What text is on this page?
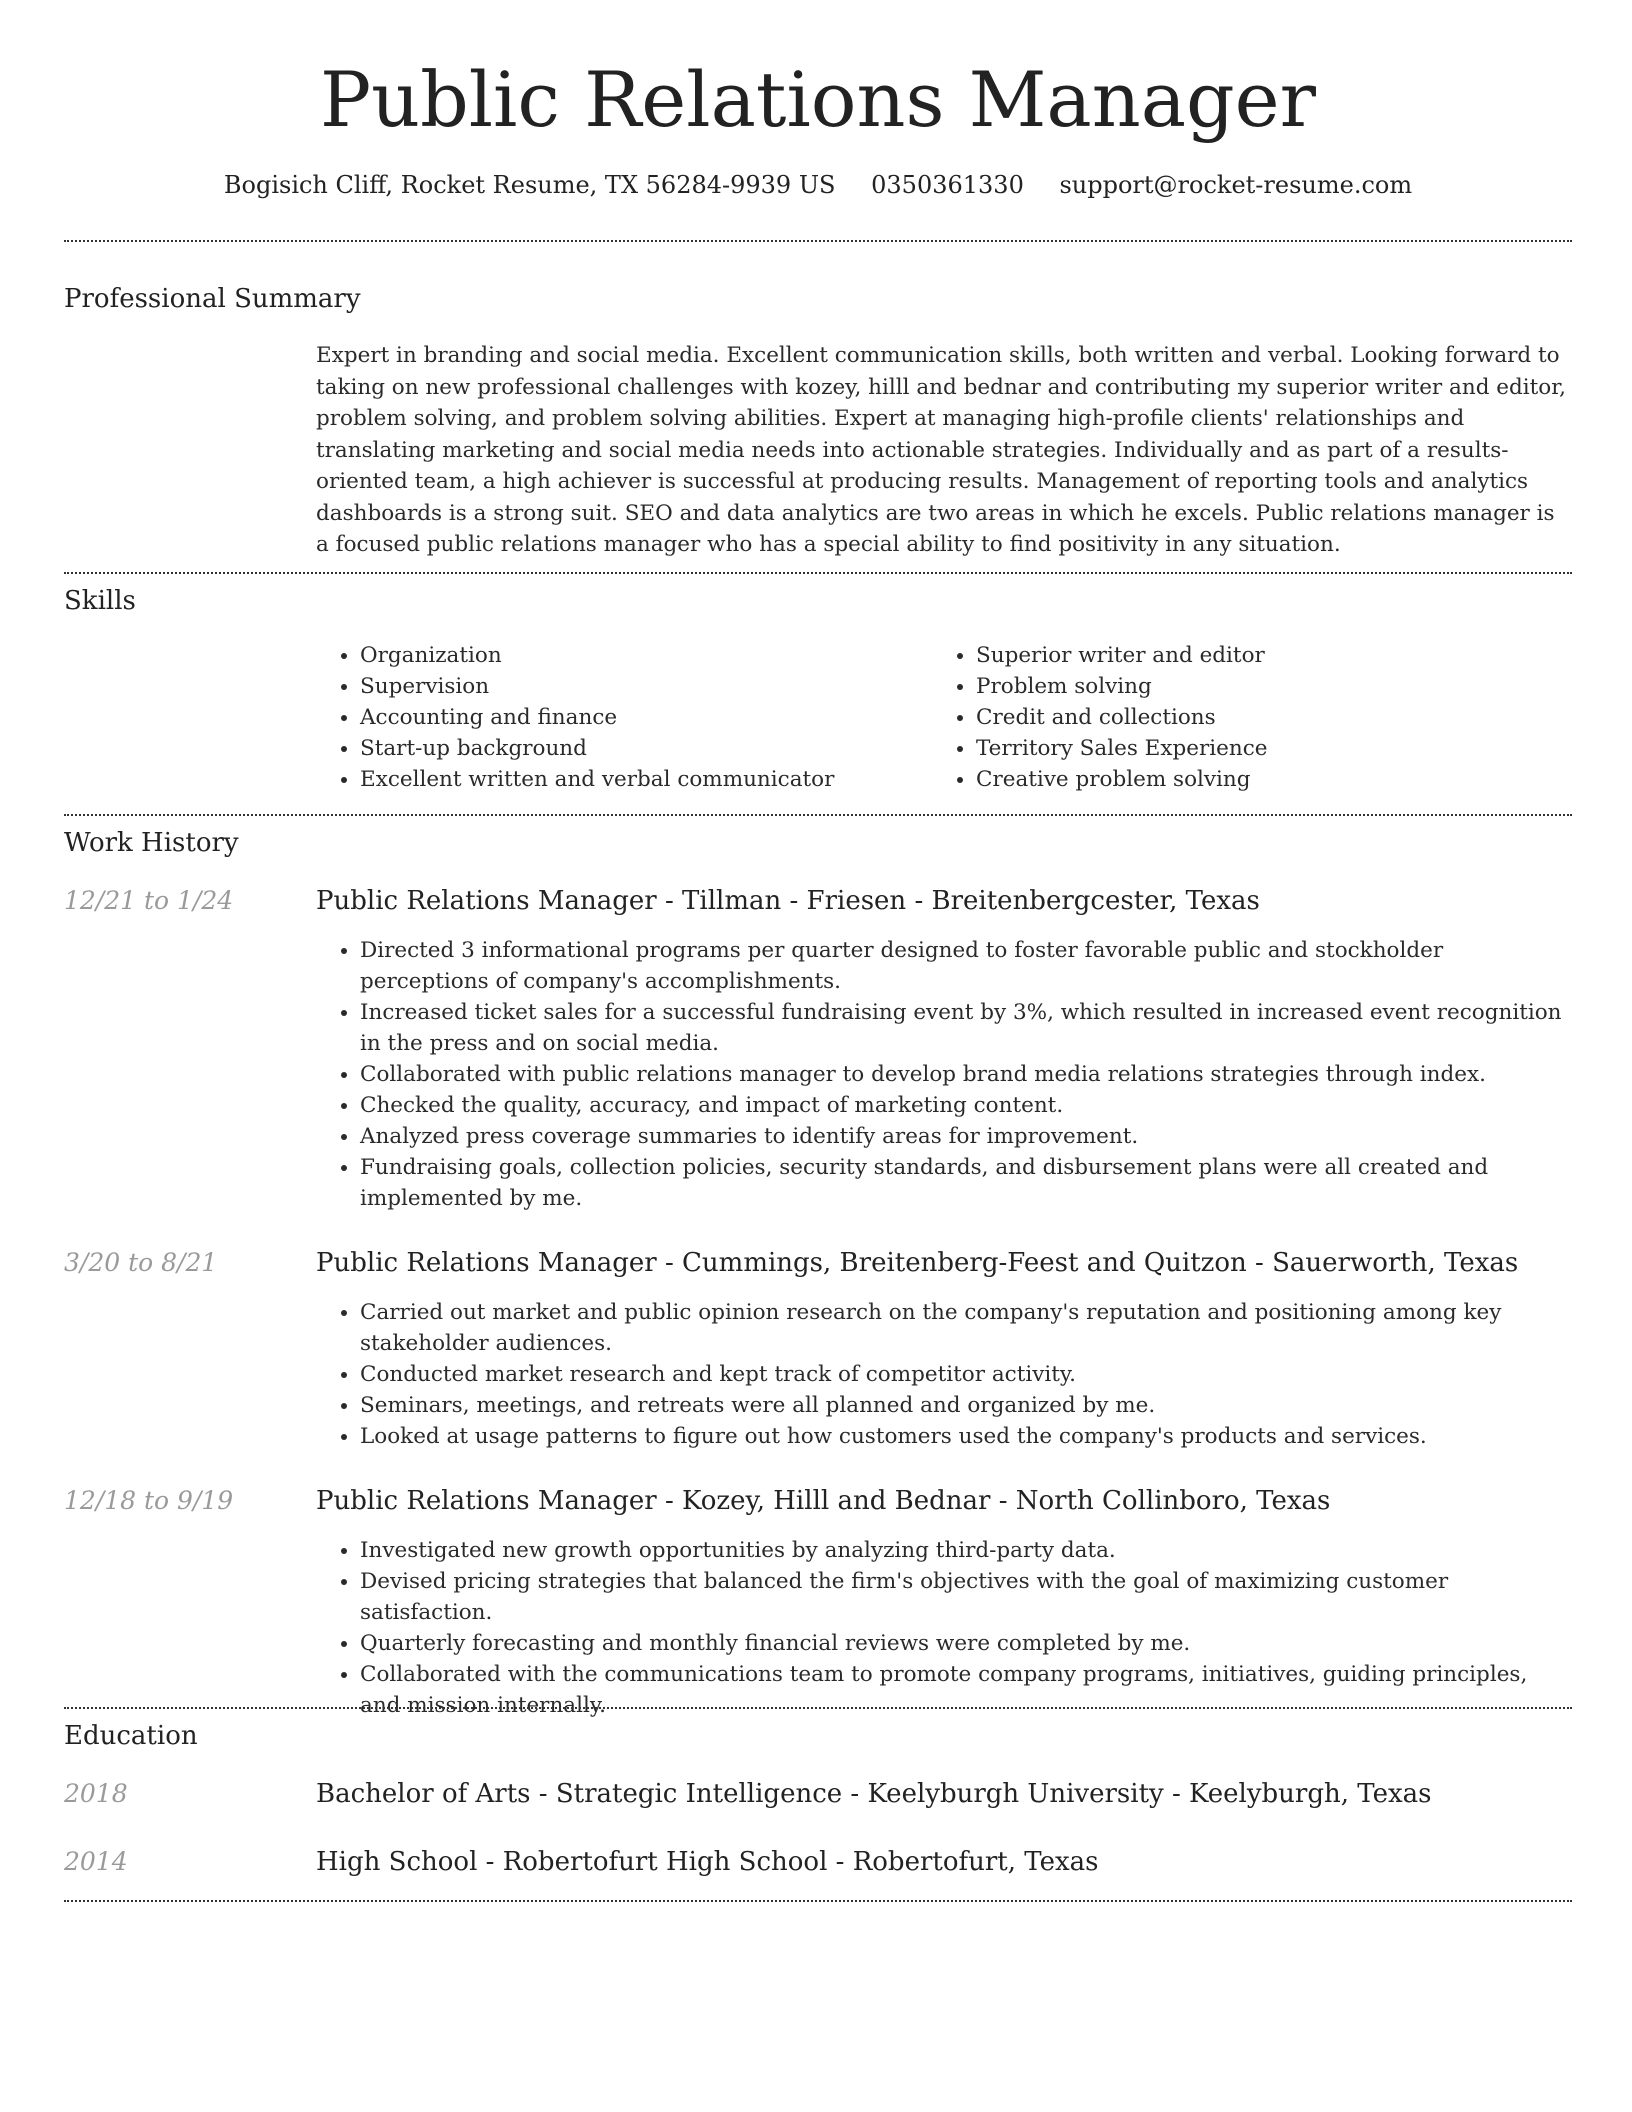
Public Relations Manager
Bogisich Cliff, Rocket Resume, TX 56284-9939 US 0350361330 support@rocket-resume.com
Professional Summary
Expert in branding and social media. Excellent communication skills, both written and verbal. Looking forward to taking on new professional challenges with kozey, hilll and bednar and contributing my superior writer and editor, problem solving, and problem solving abilities. Expert at managing high-profile clients' relationships and translating marketing and social media needs into actionable strategies. Individually and as part of a results-oriented team, a high achiever is successful at producing results. Management of reporting tools and analytics dashboards is a strong suit. SEO and data analytics are two areas in which he excels. Public relations manager is a focused public relations manager who has a special ability to find positivity in any situation.
Skills
• Organization
• Supervision
• Accounting and finance
• Start-up background
• Excellent written and verbal communicator
• Superior writer and editor
• Problem solving
• Credit and collections
• Territory Sales Experience
• Creative problem solving
Work History
12/21 to 1/24	Public Relations Manager - Tillman - Friesen - Breitenbergcester, Texas
• Directed 3 informational programs per quarter designed to foster favorable public and stockholder perceptions of company's accomplishments.
• Increased ticket sales for a successful fundraising event by 3%, which resulted in increased event recognition in the press and on social media.
• Collaborated with public relations manager to develop brand media relations strategies through index.
• Checked the quality, accuracy, and impact of marketing content.
• Analyzed press coverage summaries to identify areas for improvement.
• Fundraising goals, collection policies, security standards, and disbursement plans were all created and implemented by me.
3/20 to 8/21	Public Relations Manager - Cummings, Breitenberg-Feest and Quitzon - Sauerworth, Texas
• Carried out market and public opinion research on the company's reputation and positioning among key stakeholder audiences.
• Conducted market research and kept track of competitor activity.
• Seminars, meetings, and retreats were all planned and organized by me.
• Looked at usage patterns to figure out how customers used the company's products and services.
12/18 to 9/19	Public Relations Manager - Kozey, Hilll and Bednar - North Collinboro, Texas
• Investigated new growth opportunities by analyzing third-party data.
• Devised pricing strategies that balanced the firm's objectives with the goal of maximizing customer satisfaction.
• Quarterly forecasting and monthly financial reviews were completed by me.
• Collaborated with the communications team to promote company programs, initiatives, guiding principles, and mission internally.
Education
2018	Bachelor of Arts - Strategic Intelligence - Keelyburgh University - Keelyburgh, Texas
2014	High School - Robertofurt High School - Robertofurt, Texas
